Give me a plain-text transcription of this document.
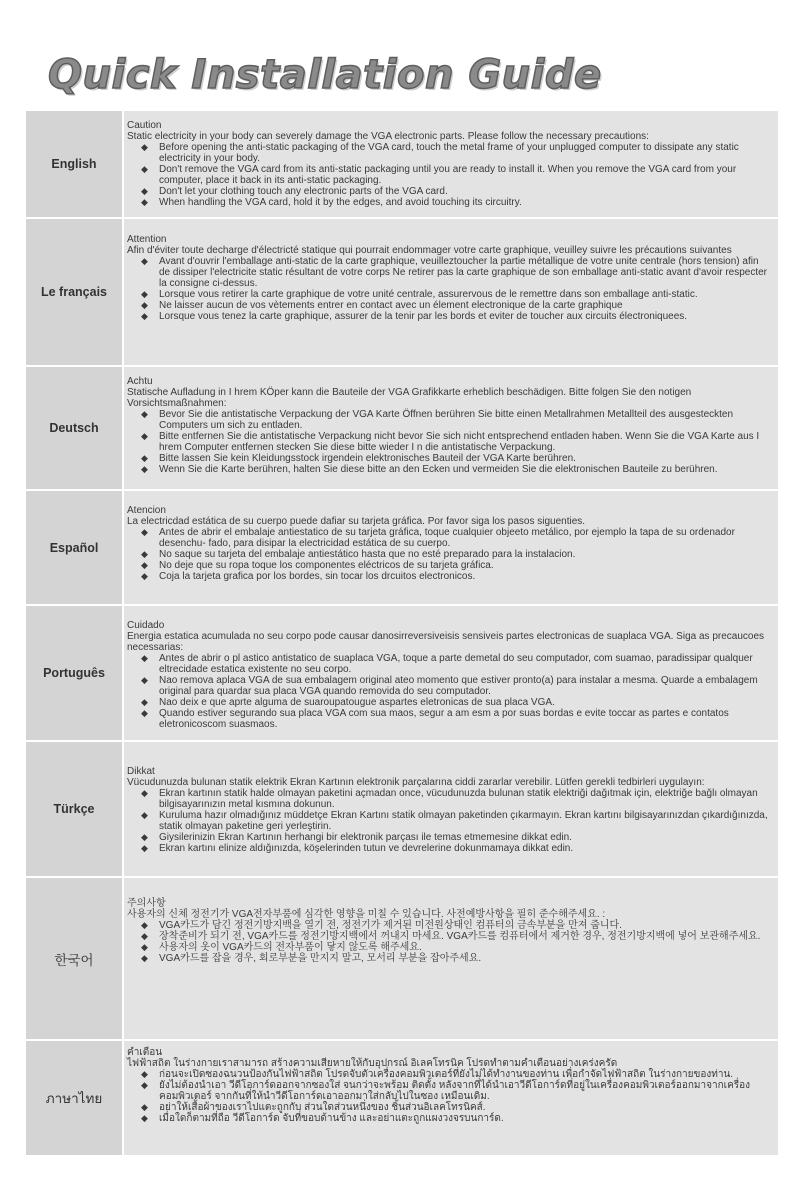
Quick Installation Guide
English
Caution
Static electricity in your body can severely damage the VGA electronic parts. Please follow the necessary precautions:
◆ Before opening the anti-static packaging of the VGA card, touch the metal frame of your unplugged computer to dissipate any static electricity in your body.
◆ Don't remove the VGA card from its anti-static packaging until you are ready to install it. When you remove the VGA card from your computer, place it back in its anti-static packaging.
◆ Don't let your clothing touch any electronic parts of the VGA card.
◆ When handling the VGA card, hold it by the edges, and avoid touching its circuitry.
Le français
Attention
Afin d'éviter toute decharge d'électricté statique qui pourrait endommager votre carte graphique, veuilley suivre les précautions suivantes
◆ Avant d'ouvrir l'emballage anti-static de la carte graphique, veuilleztoucher la partie métallique de votre unite centrale (hors tension) afin de dissiper l'electricite static résultant de votre corps Ne retirer pas la carte graphique de son emballage anti-static avant d'avoir respecter la consigne ci-dessus.
◆ Lorsque vous retirer la carte graphique de votre unité centrale, assurervous de le remettre dans son emballage anti-static.
◆ Ne laisser aucun de vos vètements entrer en contact avec un élement electronique de la carte graphique
◆ Lorsque vous tenez la carte graphique, assurer de la tenir par les bords et eviter de toucher aux circuits électroniquees.
Deutsch
Achtu
Statische Aufladung in I hrem KÖper kann die Bauteile der VGA Grafikkarte erheblich beschädigen. Bitte folgen Sie den notigen Vorsichtsmaßnahmen:
◆ Bevor Sie die antistatische Verpackung der VGA Karte Öffnen berühren Sie bitte einen Metallrahmen Metallteil des ausgesteckten Computers um sich zu entladen.
◆ Bitte entfernen Sie die antistatische Verpackung nicht bevor Sie sich nicht entsprechend entladen haben. Wenn Sie die VGA Karte aus I hrem Computer entfernen stecken Sie diese bitte wieder I n die antistatische Verpackung.
◆ Bitte lassen Sie kein Kleidungsstock irgendein elektronisches Bauteil der VGA Karte berühren.
◆ Wenn Sie die Karte berühren, halten Sie diese bitte an den Ecken und vermeiden Sie die elektronischen Bauteile zu berühren.
Español
Atencion
La electricdad estática de su cuerpo puede dafiar su tarjeta gráfica. Por favor siga los pasos siguenties.
◆ Antes de abrir el embalaje antiestatico de su tarjeta gráfica, toque cualquier objeeto metálico, por ejemplo la tapa de su ordenador desenchu- fado, para disipar la electricidad estática de su cuerpo.
◆ No saque su tarjeta del embalaje antiestático hasta que no esté preparado para la instalacion.
◆ No deje que su ropa toque los componentes eléctricos de su tarjeta gráfica.
◆ Coja la tarjeta grafica por los bordes, sin tocar los drcuitos electronicos.
Português
Cuidado
Energia estatica acumulada no seu corpo pode causar danosirreversiveisis sensiveis partes electronicas de suaplaca VGA. Siga as precaucoes necessarias:
◆ Antes de abrir o pl astico antistatico de suaplaca VGA, toque a parte demetal do seu computador, com suamao, paradissipar qualquer eltrecidade estatica existente no seu corpo.
◆ Nao remova aplaca VGA de sua embalagem original ateo momento que estiver pronto(a) para instalar a mesma. Quarde a embalagem original para quardar sua placa VGA quando removida do seu computador.
◆ Nao deix e que aprte alguma de suaroupatougue aspartes eletronicas de sua placa VGA.
◆ Quando estiver segurando sua placa VGA com sua maos, segur a am esm a por suas bordas e evite toccar as partes e contatos eletronicoscom suasmaos.
Türkçe
Dikkat
Vücudunuzda bulunan statik elektrik Ekran Kartının elektronik parçalarına ciddi zararlar verebilir. Lütfen gerekli tedbirleri uygulayın:
◆ Ekran kartının statik halde olmayan paketini açmadan once, vücudunuzda bulunan statik elektriği dağıtmak için, elektriğe bağlı olmayan bilgisayarınızın metal kısmına dokunun.
◆ Kuruluma hazır olmadığınız müddetçe Ekran Kartını statik olmayan paketinden çıkarmayın. Ekran kartını bilgisayarınızdan çıkardığınızda, statik olmayan paketine geri yerleştirin.
◆ Giysilerinizin Ekran Kartının herhangi bir elektronik parçası ile temas etmemesine dikkat edin.
◆ Ekran kartını elinize aldığınızda, köşelerinden tutun ve devrelerine dokunmamaya dikkat edin.
한국어
주의사항
사용자의 신체 정전기가 VGA전자부품에 심각한 영향을 미칠 수 있습니다. 사전예방사항을 필히 준수해주세요. :
◆ VGA카드가 담긴 정전기방지백을 열기 전, 정전기가 제거된 미전원상태인 컴퓨터의 금속부분을 만져 줍니다.
◆ 장착준비가 되기 전, VGA카드를 정전기방지백에서 꺼내지 마세요. VGA카드를 컴퓨터에서 제거한 경우, 정전기방지백에 넣어 보관해주세요.
◆ 사용자의 옷이 VGA카드의 전자부품이 닿지 않도록 해주세요.
◆ VGA카드를 잡을 경우, 회로부분을 만지지 말고, 모서리 부분을 잡아주세요.
ภาษาไทย
คำเตือน
ไฟฟ้าสถิต ในร่างกายเราสามารถ สร้างความเสียหายให้กับอุปกรณ์ อิเลคโทรนิค โปรดทำตามคำเตือนอย่างเคร่งครัด
◆ ก่อนจะเปิดซองฉนวนป้องกันไฟฟ้าสถิต โปรดจับตัวเครื่องคอมพิวเตอร์ที่ยังไม่ได้ทำงานของท่าน เพื่อกำจัดไฟฟ้าสถิต ในร่างกายของท่าน.
◆ ยังไม่ต้องนำเอา วีดีโอการ์ดออกจากซองใส่ จนกว่าจะพร้อม ติดตั้ง หลังจากที่ได้นำเอาวีดีโอการ์ดที่อยู่ในเครื่องคอมพิวเตอร์ออกมาจากเครื่องคอมพิวเตอร์ จากกันที่ให้นำวีดีโอการ์ดเอาออกมาใส่กลับไปในซอง เหมือนเดิม.
◆ อย่าให้เสื้อผ้าของเราไปแตะถูกกับ ส่วนใดส่วนหนึ่งของ ชิ้นส่วนอิเลคโทรนิคส์.
◆ เมื่อใดก็ตามที่ถือ วีดีโอการ์ด จับที่ขอบด้านข้าง และอย่าแตะถูกแผงวงจรบนการ์ด.
